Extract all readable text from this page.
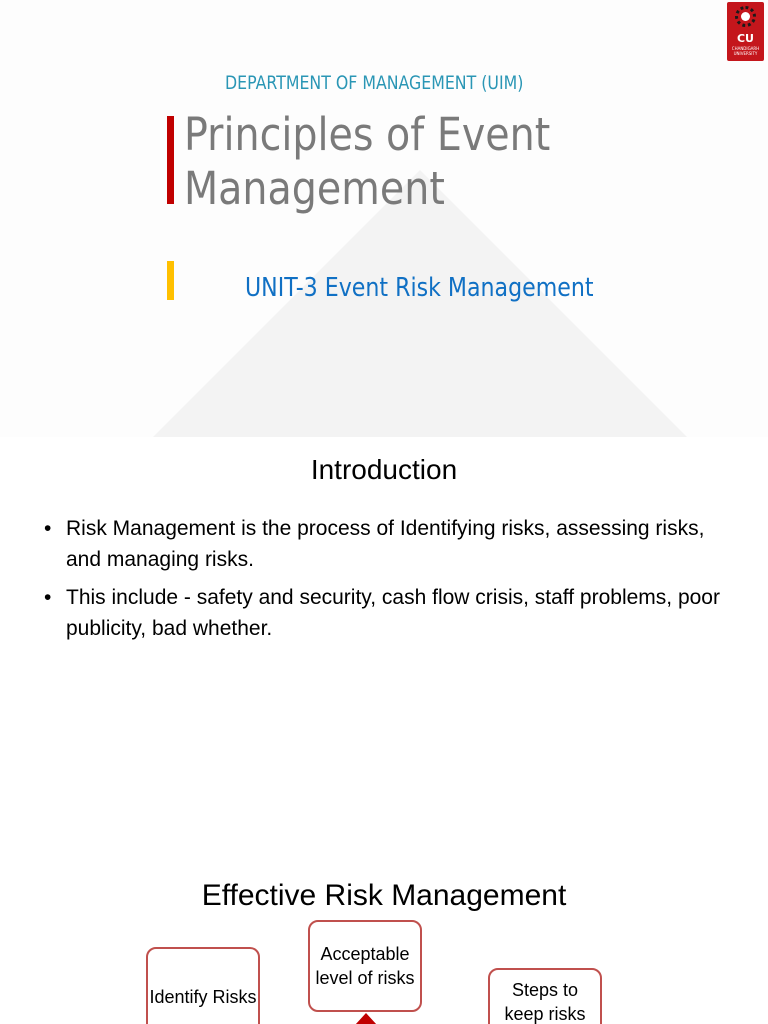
CU
CHANDIGARH UNIVERSITY
DEPARTMENT OF MANAGEMENT (UIM)
Principles of Event Management
UNIT-3 Event Risk Management
Introduction
• Risk Management is the process of Identifying risks, assessing risks, and managing risks.
• This include - safety and security, cash flow crisis, staff problems, poor publicity, bad whether.
Effective Risk Management
Identify Risks
Acceptable level of risks
Steps to keep risks
